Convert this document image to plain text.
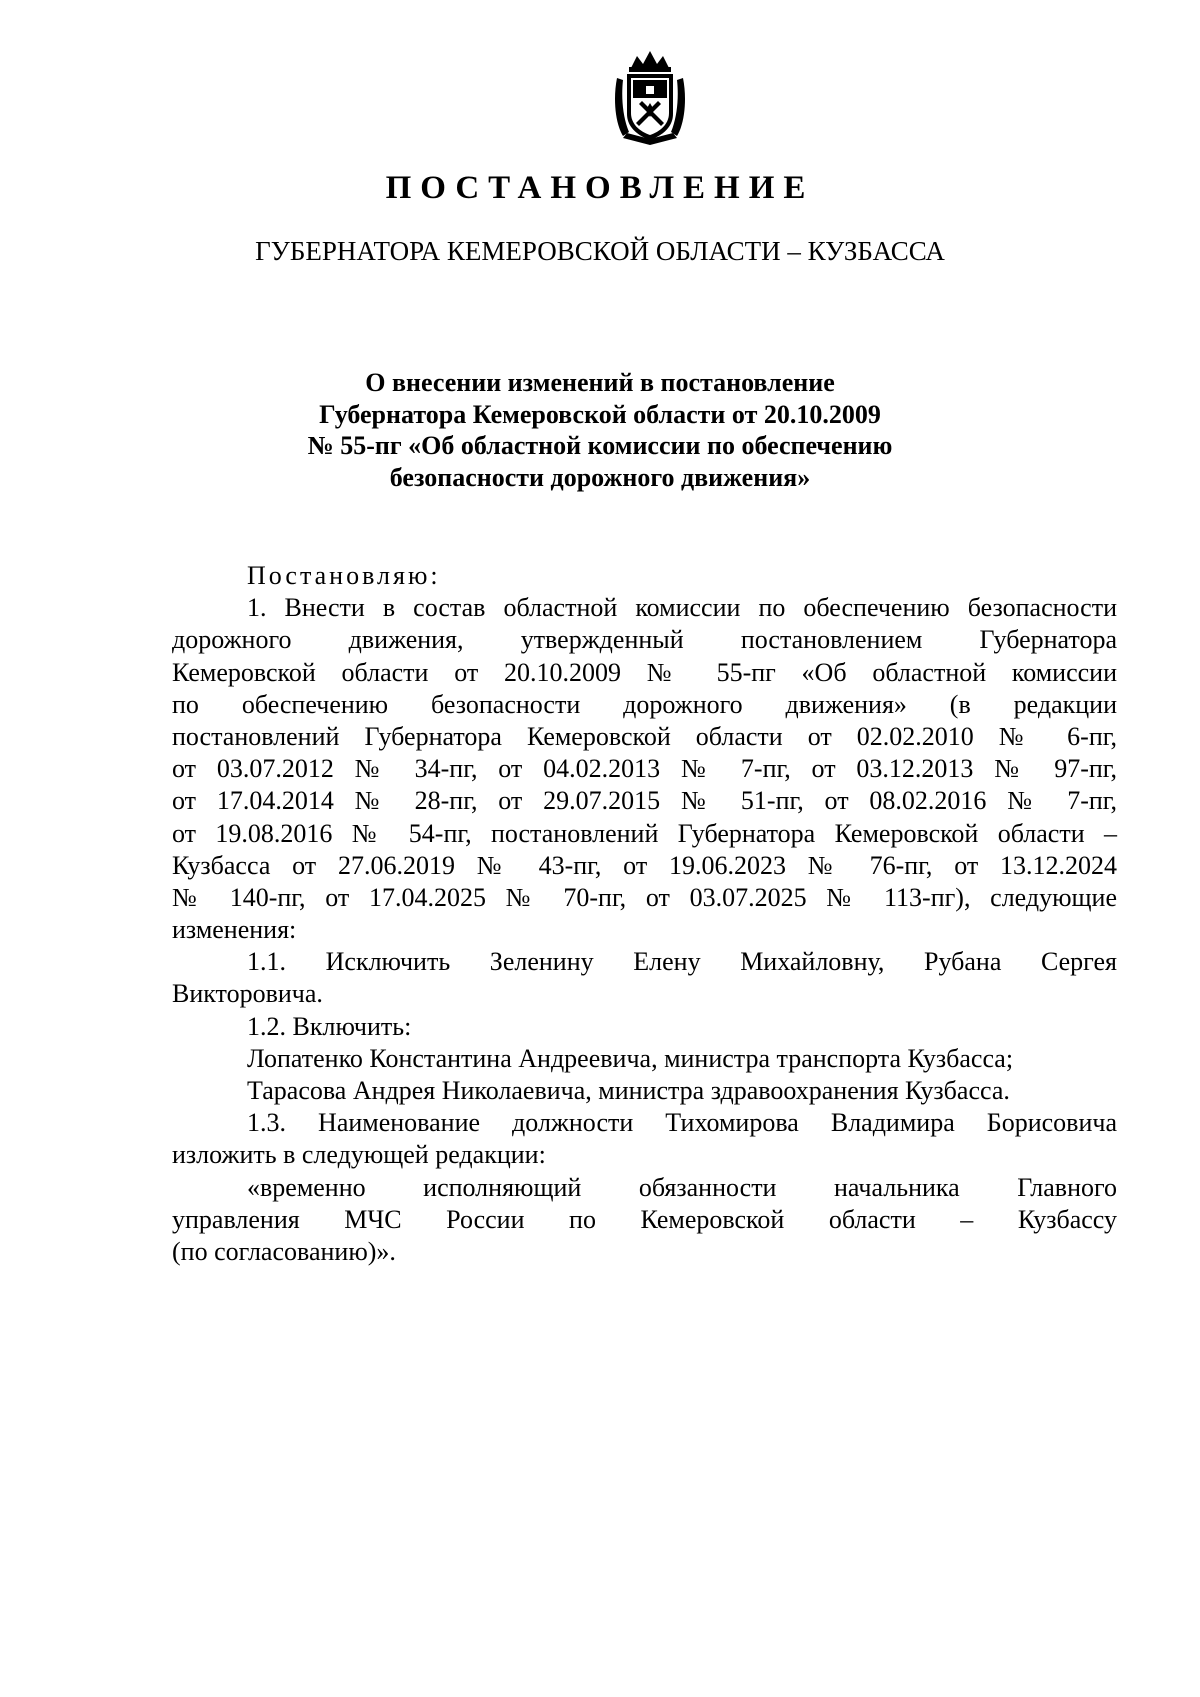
ПОСТАНОВЛЕНИЕ
ГУБЕРНАТОРА КЕМЕРОВСКОЙ ОБЛАСТИ – КУЗБАССА
О внесении изменений в постановление
Губернатора Кемеровской области от 20.10.2009
№ 55-пг «Об областной комиссии по обеспечению
безопасности дорожного движения»
Постановляю:
1. Внести в состав областной комиссии по обеспечению безопасности
дорожного движения, утвержденный постановлением Губернатора
Кемеровской области от 20.10.2009 № 55-пг «Об областной комиссии
по обеспечению безопасности дорожного движения» (в редакции
постановлений Губернатора Кемеровской области от 02.02.2010 № 6-пг,
от 03.07.2012 № 34-пг, от 04.02.2013 № 7-пг, от 03.12.2013 № 97-пг,
от 17.04.2014 № 28-пг, от 29.07.2015 № 51-пг, от 08.02.2016 № 7-пг,
от 19.08.2016 № 54-пг, постановлений Губернатора Кемеровской области –
Кузбасса от 27.06.2019 № 43-пг, от 19.06.2023 № 76-пг, от 13.12.2024
№ 140-пг, от 17.04.2025 № 70-пг, от 03.07.2025 № 113-пг), следующие
изменения:
1.1. Исключить Зеленину Елену Михайловну, Рубана Сергея
Викторовича.
1.2. Включить:
Лопатенко Константина Андреевича, министра транспорта Кузбасса;
Тарасова Андрея Николаевича, министра здравоохранения Кузбасса.
1.3. Наименование должности Тихомирова Владимира Борисовича
изложить в следующей редакции:
«временно исполняющий обязанности начальника Главного
управления МЧС России по Кемеровской области – Кузбассу
(по согласованию)».
